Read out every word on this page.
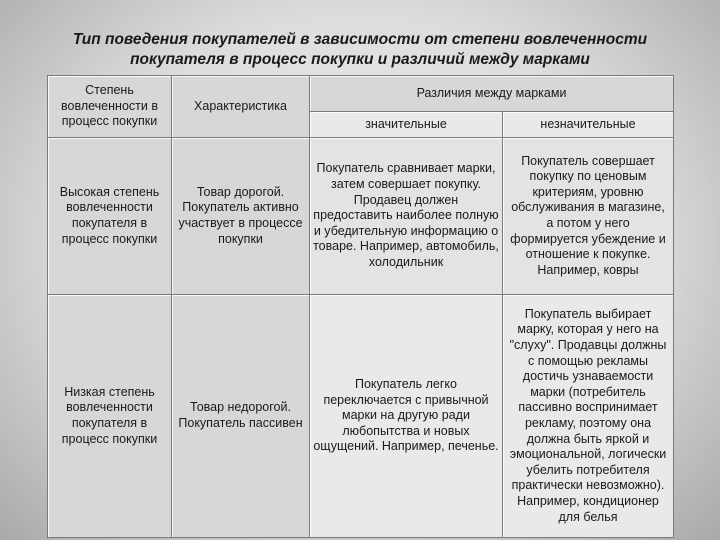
Тип поведения покупателей в зависимости от степени вовлеченности
покупателя в процесс покупки и различий между марками
Степень вовлеченности в процесс покупки	Характеристика	Различия между марками	
		значительные	незначительные
Высокая степень вовлеченности покупателя в процесс покупки	Товар дорогой. Покупатель активно участвует в процессе покупки	Покупатель сравнивает марки, затем совершает покупку. Продавец должен предоставить наиболее полную и убедительную информацию о товаре. Например, автомобиль, холодильник	Покупатель совершает покупку по ценовым критериям, уровню обслуживания в магазине, а потом у него формируется убеждение и отношение к покупке. Например, ковры
Низкая степень вовлеченности покупателя в процесс покупки	Товар недорогой. Покупатель пассивен	Покупатель легко переключается с привычной марки на другую ради любопытства и новых ощущений. Например, печенье.	Покупатель выбирает марку, которая у него на "слуху". Продавцы должны с помощью рекламы достичь узнаваемости марки (потребитель пассивно воспринимает рекламу, поэтому она должна быть яркой и эмоциональной, логически убелить потребителя практически невозможно). Например, кондиционер для белья
